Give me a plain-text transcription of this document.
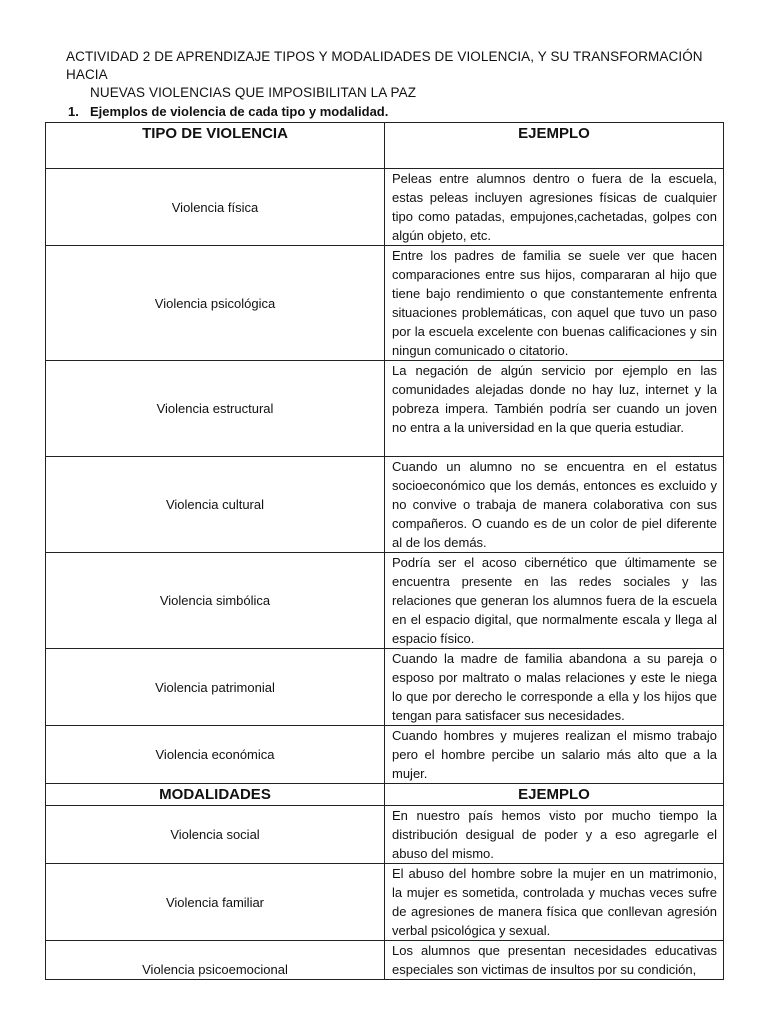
ACTIVIDAD 2 DE APRENDIZAJE TIPOS Y MODALIDADES DE VIOLENCIA, Y SU TRANSFORMACIÓN HACIA
NUEVAS VIOLENCIAS QUE IMPOSIBILITAN LA PAZ
1. Ejemplos de violencia de cada tipo y modalidad.
TIPO DE VIOLENCIA	EJEMPLO
Violencia física	Peleas entre alumnos dentro o fuera de la escuela, estas peleas incluyen agresiones físicas de cualquier tipo como patadas, empujones,cachetadas, golpes con algún objeto, etc.
Violencia psicológica	Entre los padres de familia se suele ver que hacen comparaciones entre sus hijos, compararan al hijo que tiene bajo rendimiento o que constantemente enfrenta situaciones problemáticas, con aquel que tuvo un paso por la escuela excelente con buenas calificaciones y sin ningun comunicado o citatorio.
Violencia estructural	La negación de algún servicio por ejemplo en las comunidades alejadas donde no hay luz, internet y la pobreza impera. También podría ser cuando un joven no entra a la universidad en la que queria estudiar.
Violencia cultural	Cuando un alumno no se encuentra en el estatus socioeconómico que los demás, entonces es excluido y no convive o trabaja de manera colaborativa con sus compañeros. O cuando es de un color de piel diferente al de los demás.
Violencia simbólica	Podría ser el acoso cibernético que últimamente se encuentra presente en las redes sociales y las relaciones que generan los alumnos fuera de la escuela en el espacio digital, que normalmente escala y llega al espacio físico.
Violencia patrimonial	Cuando la madre de familia abandona a su pareja o esposo por maltrato o malas relaciones y este le niega lo que por derecho le corresponde a ella y los hijos que tengan para satisfacer sus necesidades.
Violencia económica	Cuando hombres y mujeres realizan el mismo trabajo pero el hombre percibe un salario más alto que a la mujer.
MODALIDADES	EJEMPLO
Violencia social	En nuestro país hemos visto por mucho tiempo la distribución desigual de poder y a eso agregarle el abuso del mismo.
Violencia familiar	El abuso del hombre sobre la mujer en un matrimonio, la mujer es sometida, controlada y muchas veces sufre de agresiones de manera física que conllevan agresión verbal psicológica y sexual.
Violencia psicoemocional	Los alumnos que presentan necesidades educativas especiales son victimas de insultos por su condición,
